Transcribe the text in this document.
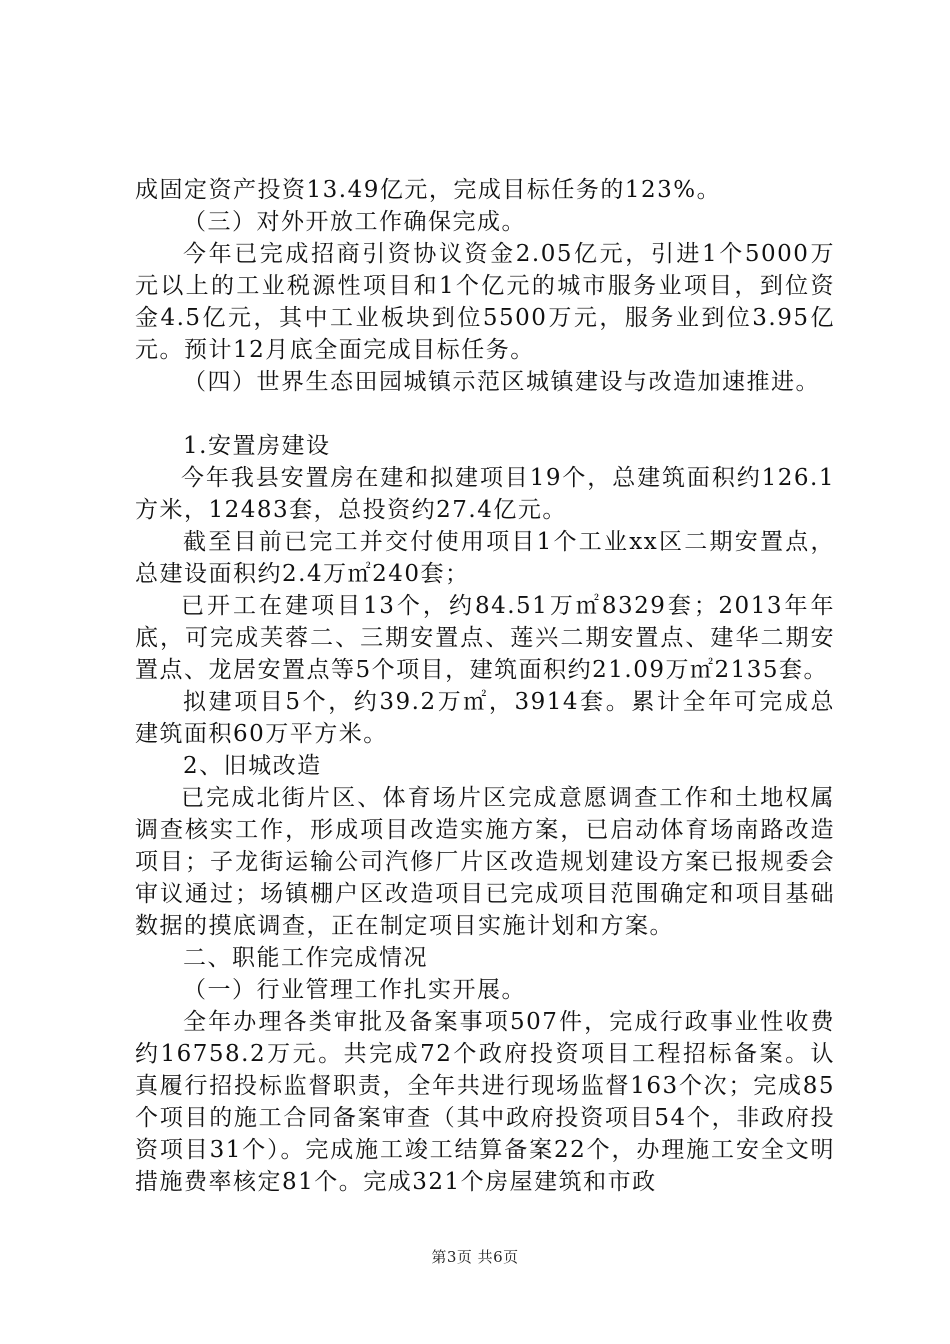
成固定资产投资13.49亿元，完成目标任务的123%。

（三）对外开放工作确保完成。

今年已完成招商引资协议资金2.05亿元，引进1个5000万元以上的工业税源性项目和1个亿元的城市服务业项目，到位资金4.5亿元，其中工业板块到位5500万元，服务业到位3.95亿元。预计12月底全面完成目标任务。

（四）世界生态田园城镇示范区城镇建设与改造加速推进。

1.安置房建设

今年我县安置房在建和拟建项目19个，总建筑面积约126.1方米，12483套，总投资约27.4亿元。

截至目前已完工并交付使用项目1个工业xx区二期安置点，总建设面积约2.4万㎡240套；

已开工在建项目13个，约84.51万㎡8329套；2013年年底，可完成芙蓉二、三期安置点、莲兴二期安置点、建华二期安置点、龙居安置点等5个项目，建筑面积约21.09万㎡2135套。

拟建项目5个，约39.2万㎡，3914套。累计全年可完成总建筑面积60万平方米。

2、旧城改造

已完成北街片区、体育场片区完成意愿调查工作和土地权属调查核实工作，形成项目改造实施方案，已启动体育场南路改造项目；子龙街运输公司汽修厂片区改造规划建设方案已报规委会审议通过；场镇棚户区改造项目已完成项目范围确定和项目基础数据的摸底调查，正在制定项目实施计划和方案。

二、职能工作完成情况

（一）行业管理工作扎实开展。

全年办理各类审批及备案事项507件，完成行政事业性收费约16758.2万元。共完成72个政府投资项目工程招标备案。认真履行招投标监督职责，全年共进行现场监督163个次；完成85个项目的施工合同备案审查（其中政府投资项目54个，非政府投资项目31个）。完成施工竣工结算备案22个，办理施工安全文明措施费率核定81个。完成321个房屋建筑和市政

第3页 共6页
